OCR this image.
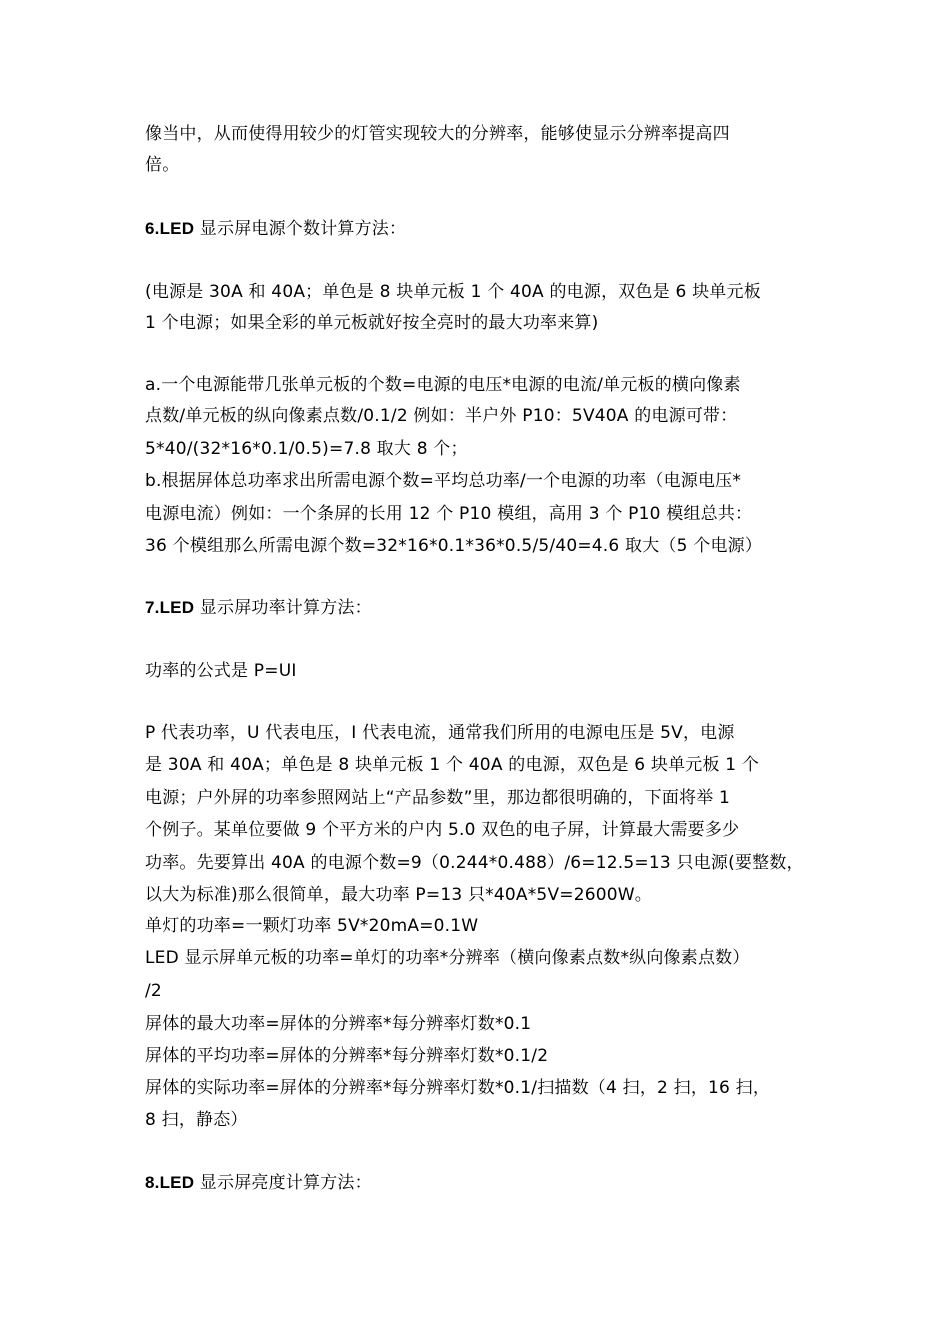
像当中，从而使得用较少的灯管实现较大的分辨率，能够使显示分辨率提高四
倍。
6.LED 显示屏电源个数计算方法：
(电源是 30A 和 40A；单色是 8 块单元板 1 个 40A 的电源，双色是 6 块单元板
1 个电源；如果全彩的单元板就好按全亮时的最大功率来算)
a.一个电源能带几张单元板的个数=电源的电压*电源的电流/单元板的横向像素
点数/单元板的纵向像素点数/0.1/2 例如：半户外 P10：5V40A 的电源可带：
5*40/(32*16*0.1/0.5)=7.8 取大 8 个；
b.根据屏体总功率求出所需电源个数=平均总功率/一个电源的功率（电源电压*
电源电流）例如：一个条屏的长用 12 个 P10 模组，高用 3 个 P10 模组总共：
36 个模组那么所需电源个数=32*16*0.1*36*0.5/5/40=4.6 取大（5 个电源）
7.LED 显示屏功率计算方法：
功率的公式是 P=UI
P 代表功率，U 代表电压，I 代表电流，通常我们所用的电源电压是 5V，电源
是 30A 和 40A；单色是 8 块单元板 1 个 40A 的电源，双色是 6 块单元板 1 个
电源；户外屏的功率参照网站上“产品参数”里，那边都很明确的，下面将举 1
个例子。某单位要做 9 个平方米的户内 5.0 双色的电子屏，计算最大需要多少
功率。先要算出 40A 的电源个数=9（0.244*0.488）/6=12.5=13 只电源(要整数，
以大为标准)那么很简单，最大功率 P=13 只*40A*5V=2600W。
单灯的功率=一颗灯功率 5V*20mA=0.1W
LED 显示屏单元板的功率=单灯的功率*分辨率（横向像素点数*纵向像素点数）
/2
屏体的最大功率=屏体的分辨率*每分辨率灯数*0.1
屏体的平均功率=屏体的分辨率*每分辨率灯数*0.1/2
屏体的实际功率=屏体的分辨率*每分辨率灯数*0.1/扫描数（4 扫，2 扫，16 扫，
8 扫，静态）
8.LED 显示屏亮度计算方法：
